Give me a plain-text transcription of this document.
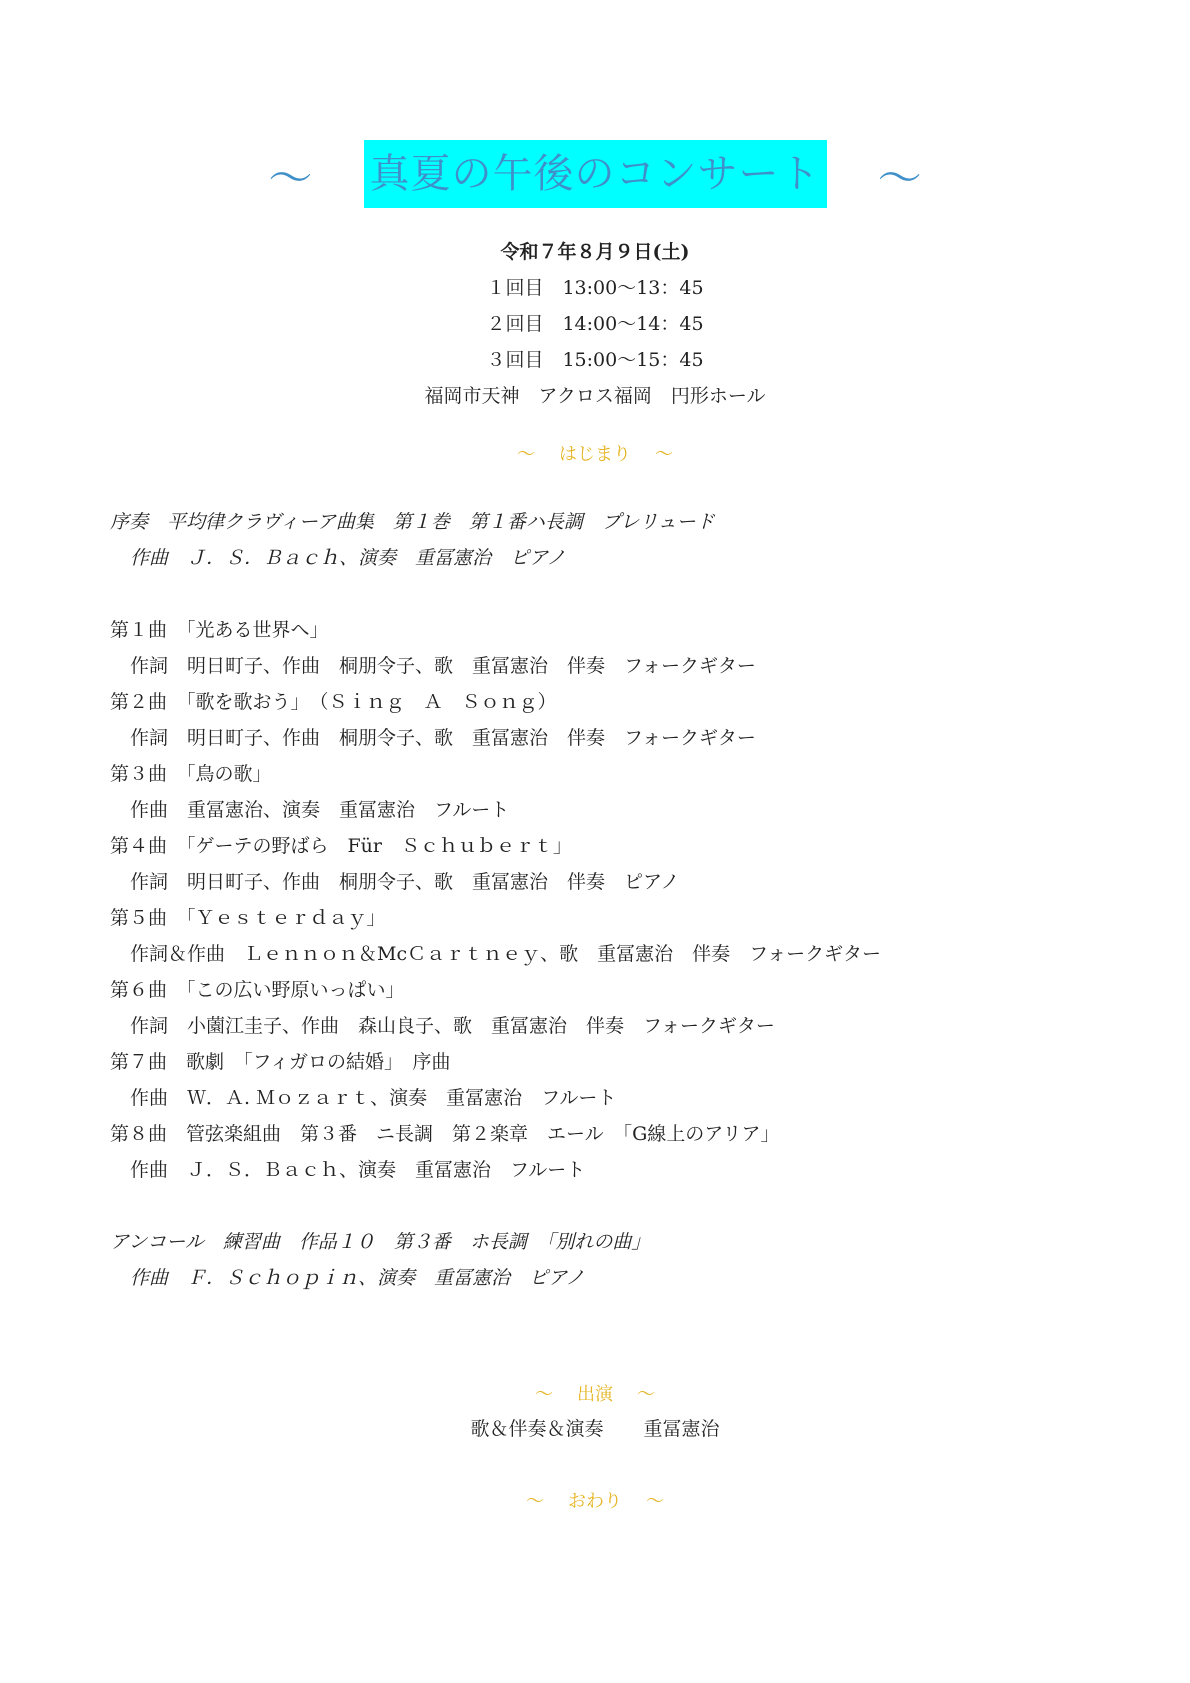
～ 真夏の午後のコンサート ～
令和７年８月９日(土)
１回目　13:00～13：45
２回目　14:00～14：45
３回目　15:00～15：45
福岡市天神　アクロス福岡　円形ホール
～ はじまり ～
序奏　平均律クラヴィーア曲集　第１巻　第１番ハ長調　プレリュード
作曲　Ｊ．Ｓ．Ｂａｃｈ、演奏　重冨憲治　ピアノ
第１曲　「光ある世界へ」
作詞　明日町子、作曲　桐朋令子、歌　重冨憲治　伴奏　フォークギター
第２曲　「歌を歌おう」　（Ｓｉｎｇ　Ａ　Ｓｏｎｇ）
作詞　明日町子、作曲　桐朋令子、歌　重冨憲治　伴奏　フォークギター
第３曲　「鳥の歌」
作曲　重冨憲治、演奏　重冨憲治　フルート
第４曲　「ゲーテの野ばら　Für　Ｓｃｈｕｂｅｒｔ」
作詞　明日町子、作曲　桐朋令子、歌　重冨憲治　伴奏　ピアノ
第５曲　「Ｙｅｓｔｅｒｄａｙ」
作詞＆作曲　Ｌｅｎｎｏｎ＆McＣａｒｔｎｅｙ、歌　重冨憲治　伴奏　フォークギター
第６曲　「この広い野原いっぱい」
作詞　小薗江圭子、作曲　森山良子、歌　重冨憲治　伴奏　フォークギター
第７曲　歌劇　「フィガロの結婚」　序曲
作曲　Ｗ．Ａ. Ｍｏｚａｒｔ、演奏　重冨憲治　フルート
第８曲　管弦楽組曲　第３番　ニ長調　第２楽章　エール　「G線上のアリア」
作曲　Ｊ．Ｓ．Ｂａｃｈ、演奏　重冨憲治　フルート
アンコール　練習曲　作品１０　第３番　ホ長調　「別れの曲」
作曲　Ｆ．Ｓｃｈｏｐｉｎ、演奏　重冨憲治　ピアノ
～ 出演 ～
歌＆伴奏＆演奏 重冨憲治
～ おわり ～
